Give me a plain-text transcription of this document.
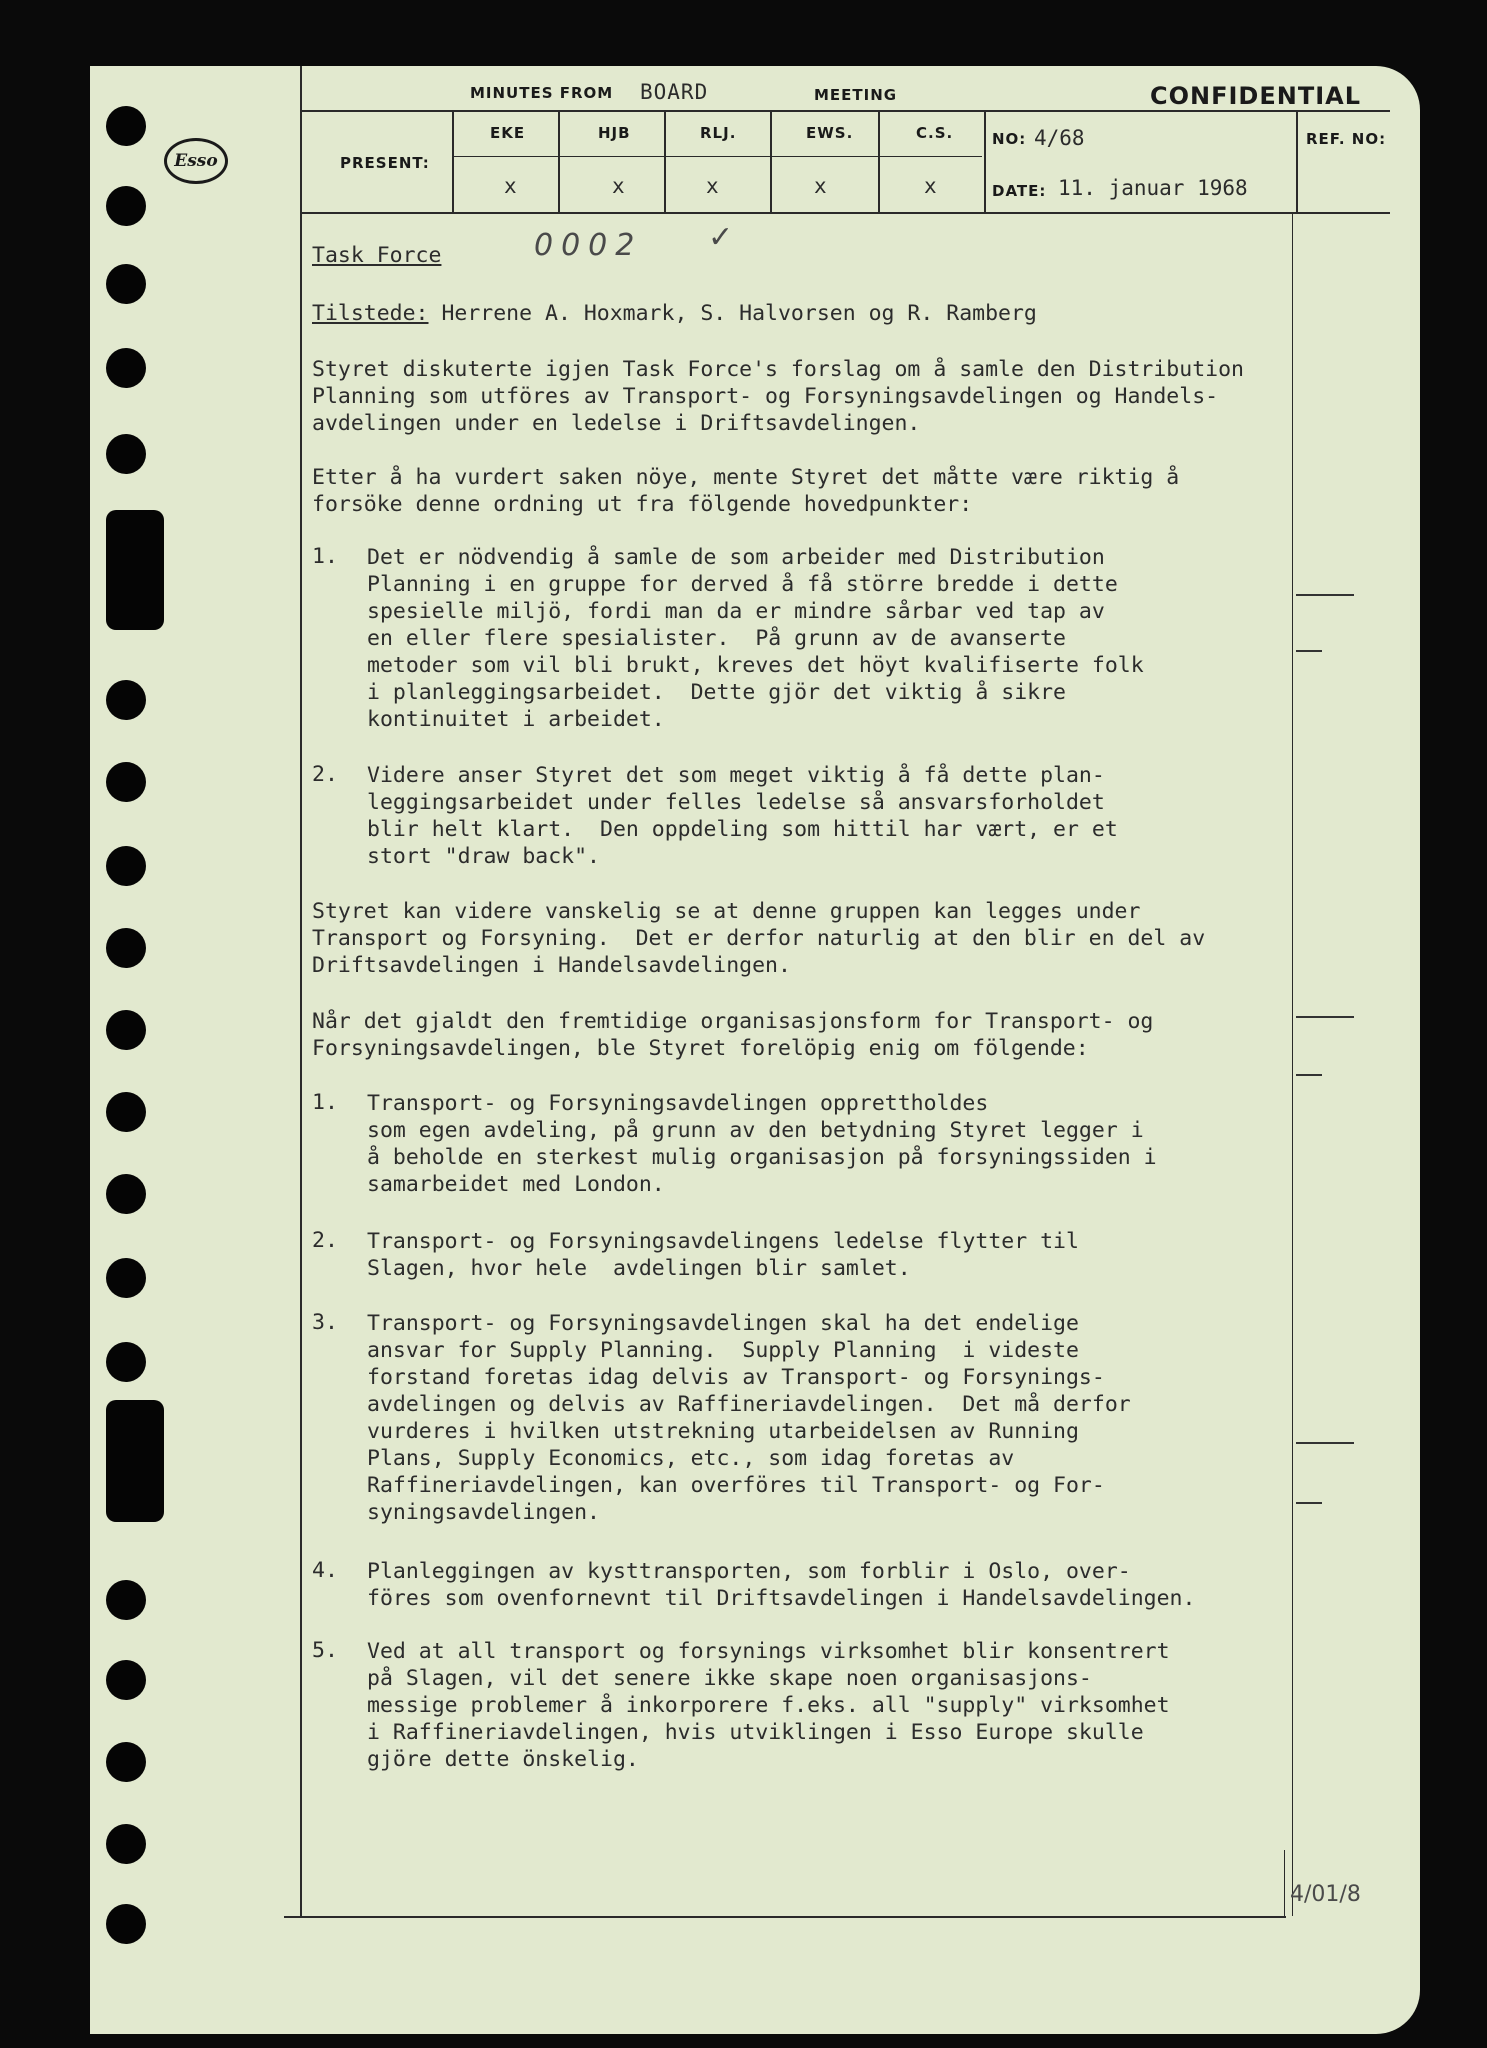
Esso
MINUTES FROM BOARD	MEETING	CONFIDENTIAL
PRESENT:
EKE	HJB	RLJ.	EWS.	C.S.
x	x	x	x	x
NO: 4/68
DATE: 11. januar 1968
REF. NO:
Task Force	0002 ✓
Tilstede: Herrene A. Hoxmark, S. Halvorsen og R. Ramberg
Styret diskuterte igjen Task Force's forslag om å samle den Distribution
Planning som utföres av Transport- og Forsyningsavdelingen og Handels-
avdelingen under en ledelse i Driftsavdelingen.
Etter å ha vurdert saken nöye, mente Styret det måtte være riktig å
forsöke denne ordning ut fra fölgende hovedpunkter:
1. Det er nödvendig å samle de som arbeider med Distribution
Planning i en gruppe for derved å få större bredde i dette
spesielle miljö, fordi man da er mindre sårbar ved tap av
en eller flere spesialister.  På grunn av de avanserte
metoder som vil bli brukt, kreves det höyt kvalifiserte folk
i planleggingsarbeidet.  Dette gjör det viktig å sikre
kontinuitet i arbeidet.
2. Videre anser Styret det som meget viktig å få dette plan-
leggingsarbeidet under felles ledelse så ansvarsforholdet
blir helt klart.  Den oppdeling som hittil har vært, er et
stort "draw back".
Styret kan videre vanskelig se at denne gruppen kan legges under
Transport og Forsyning.  Det er derfor naturlig at den blir en del av
Driftsavdelingen i Handelsavdelingen.
Når det gjaldt den fremtidige organisasjonsform for Transport- og
Forsyningsavdelingen, ble Styret forelöpig enig om fölgende:
1. Transport- og Forsyningsavdelingen opprettholdes
som egen avdeling, på grunn av den betydning Styret legger i
å beholde en sterkest mulig organisasjon på forsyningssiden i
samarbeidet med London.
2. Transport- og Forsyningsavdelingens ledelse flytter til
Slagen, hvor hele  avdelingen blir samlet.
3. Transport- og Forsyningsavdelingen skal ha det endelige
ansvar for Supply Planning.  Supply Planning  i videste
forstand foretas idag delvis av Transport- og Forsynings-
avdelingen og delvis av Raffineriavdelingen.  Det må derfor
vurderes i hvilken utstrekning utarbeidelsen av Running
Plans, Supply Economics, etc., som idag foretas av
Raffineriavdelingen, kan overföres til Transport- og For-
syningsavdelingen.
4. Planleggingen av kysttransporten, som forblir i Oslo, over-
föres som ovenfornevnt til Driftsavdelingen i Handelsavdelingen.
5. Ved at all transport og forsynings virksomhet blir konsentrert
på Slagen, vil det senere ikke skape noen organisasjons-
messige problemer å inkorporere f.eks. all "supply" virksomhet
i Raffineriavdelingen, hvis utviklingen i Esso Europe skulle
gjöre dette önskelig.
4/01/8
